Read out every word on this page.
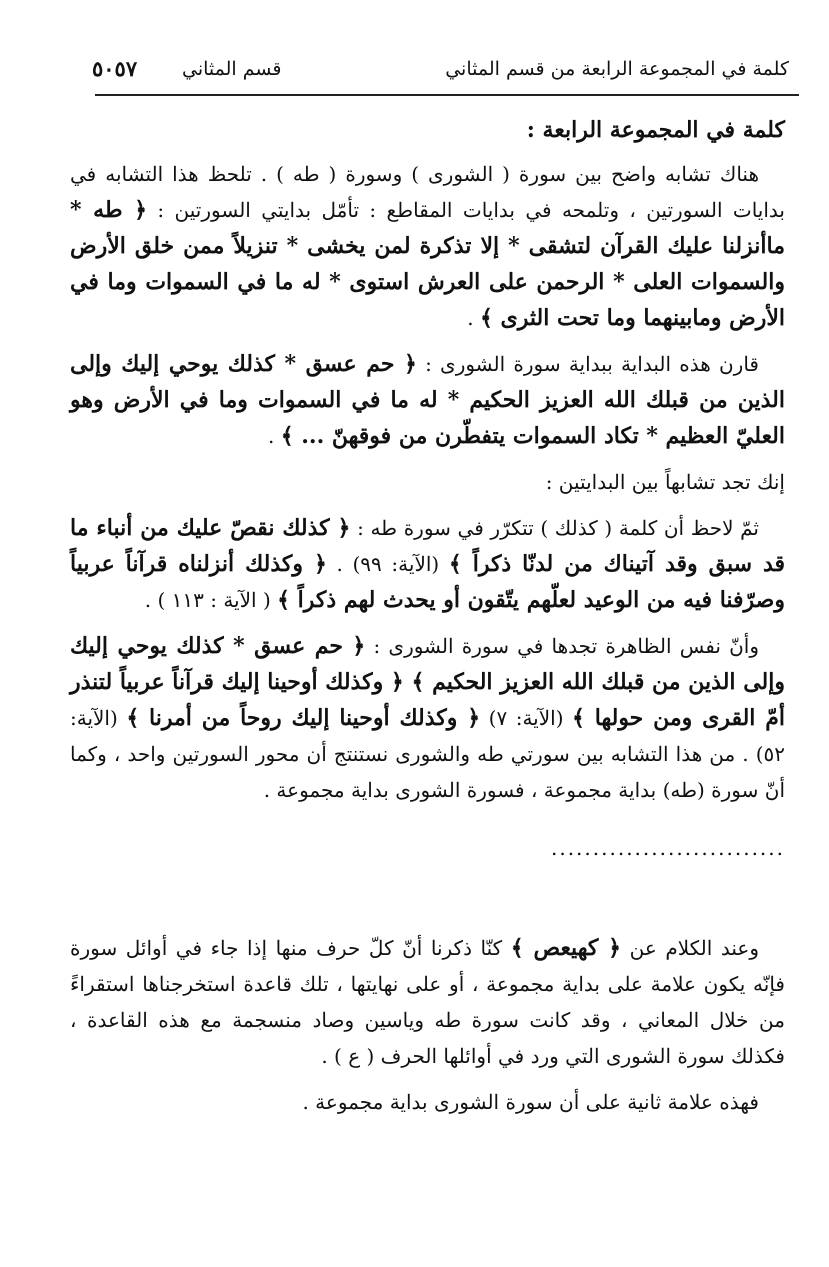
كلمة في المجموعة الرابعة من قسم المثاني
قسم المثاني
٥٠٥٧

كلمة في المجموعة الرابعة :

هناك تشابه واضح بين سورة ( الشورى ) وسورة ( طه ) . تلحظ هذا التشابه في بدايات السورتين ، وتلمحه في بدايات المقاطع : تأمّل بدايتي السورتين : ﴿ طه * ماأنزلنا عليك القرآن لتشقى * إلا تذكرة لمن يخشى * تنزيلاً ممن خلق الأرض والسموات العلى * الرحمن على العرش استوى * له ما في السموات وما في الأرض ومابينهما وما تحت الثرى ﴾ .

قارن هذه البداية ببداية سورة الشورى : ﴿ حم عسق * كذلك يوحي إليك وإلى الذين من قبلك الله العزيز الحكيم * له ما في السموات وما في الأرض وهو العليّ العظيم * تكاد السموات يتفطّرن من فوقهنّ ... ﴾ .

إنك تجد تشابهاً بين البدايتين :

ثمّ لاحظ أن كلمة ( كذلك ) تتكرّر في سورة طه : ﴿ كذلك نقصّ عليك من أنباء ما قد سبق وقد آتيناك من لدنّا ذكراً ﴾ (الآية: ٩٩) . ﴿ وكذلك أنزلناه قرآناً عربياً وصرّفنا فيه من الوعيد لعلّهم يتّقون أو يحدث لهم ذكراً ﴾ ( الآية : ١١٣ ) .

وأنّ نفس الظاهرة تجدها في سورة الشورى : ﴿ حم عسق * كذلك يوحي إليك وإلى الذين من قبلك الله العزيز الحكيم ﴾ ﴿ وكذلك أوحينا إليك قرآناً عربياً لتنذر أمّ القرى ومن حولها ﴾ (الآية: ٧) ﴿ وكذلك أوحينا إليك روحاً من أمرنا ﴾ (الآية: ٥٢) . من هذا التشابه بين سورتي طه والشورى نستنتج أن محور السورتين واحد ، وكما أنّ سورة (طه) بداية مجموعة ، فسورة الشورى بداية مجموعة .

............................

وعند الكلام عن ﴿ كهيعص ﴾ كنّا ذكرنا أنّ كلّ حرف منها إذا جاء في أوائل سورة فإنّه يكون علامة على بداية مجموعة ، أو على نهايتها ، تلك قاعدة استخرجناها استقراءً من خلال المعاني ، وقد كانت سورة طه وياسين وصاد منسجمة مع هذه القاعدة ، فكذلك سورة الشورى التي ورد في أوائلها الحرف ( ع ) .

فهذه علامة ثانية على أن سورة الشورى بداية مجموعة .
